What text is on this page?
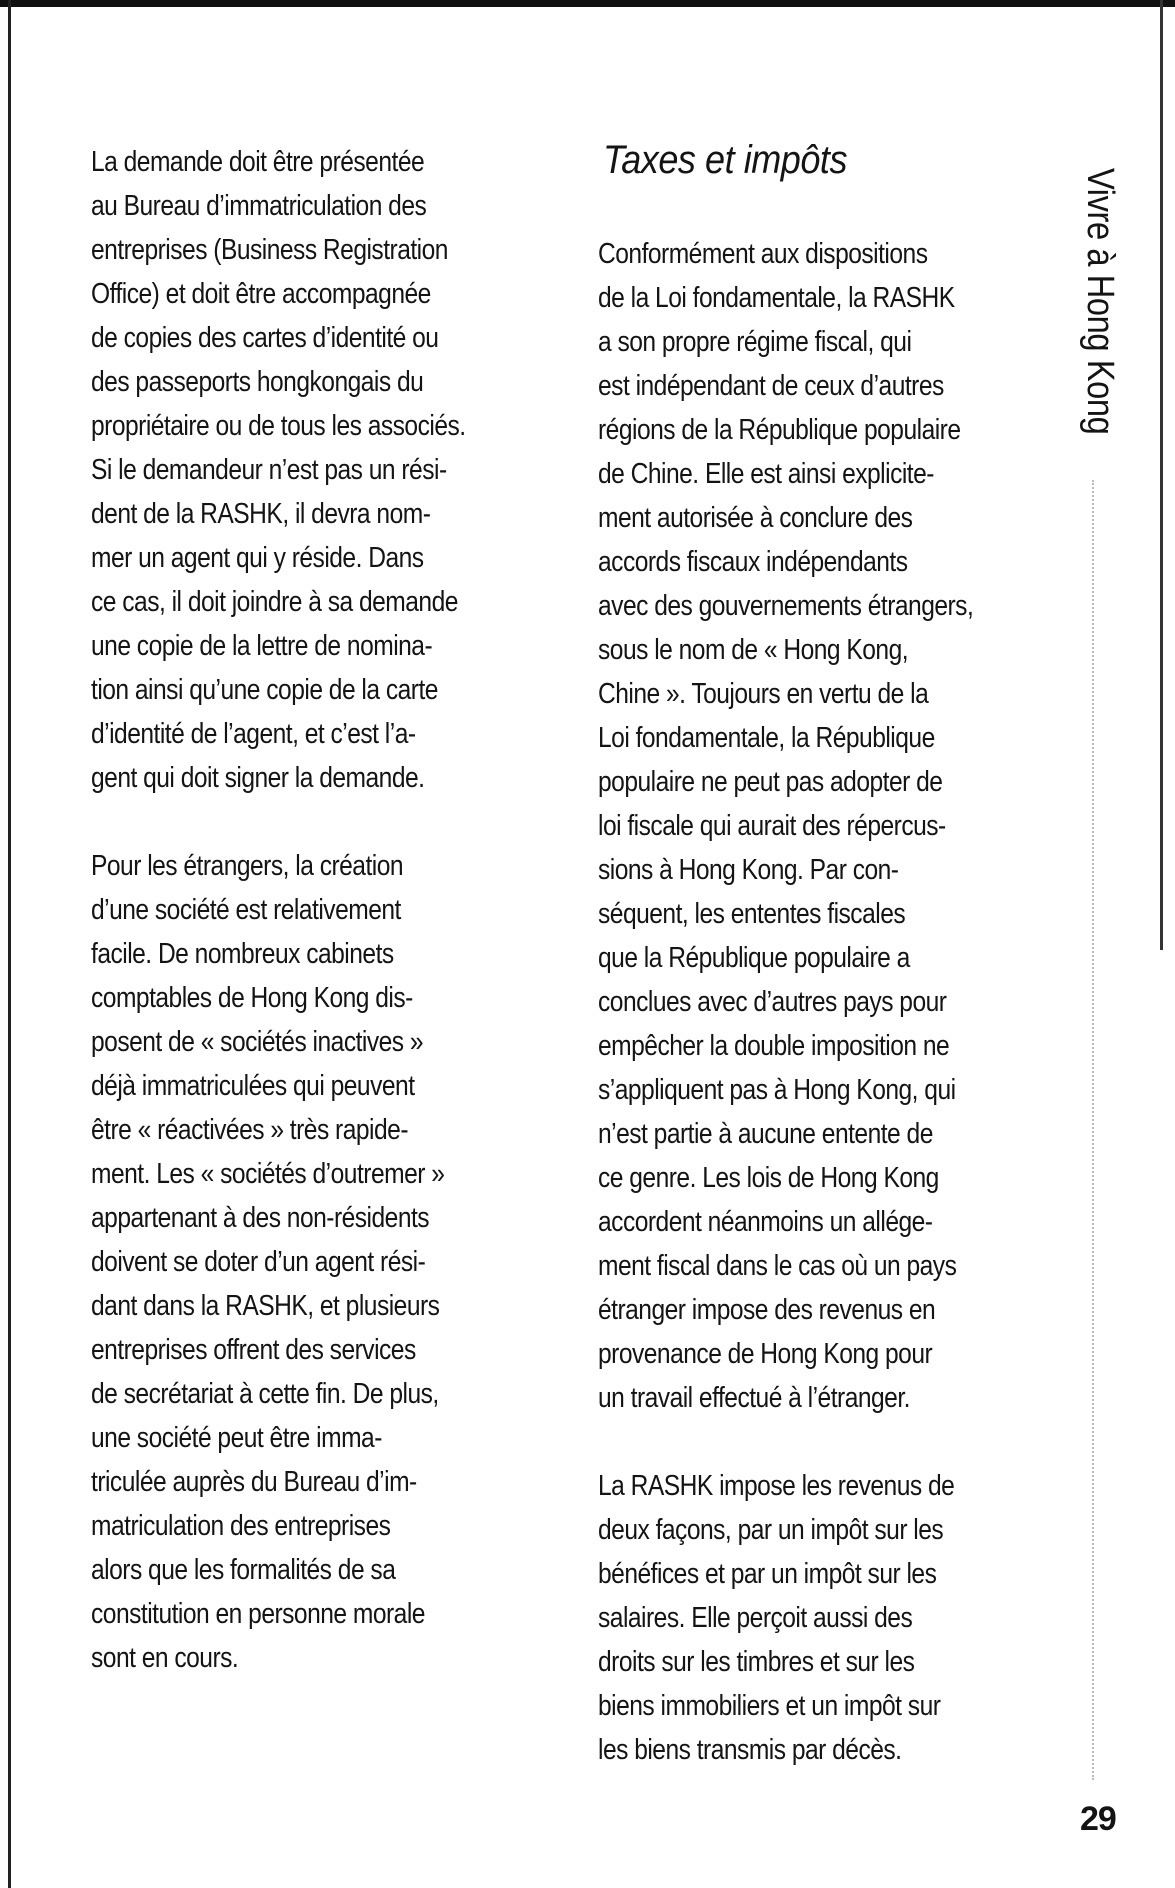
La demande doit être présentée
au Bureau d’immatriculation des
entreprises (Business Registration
Office) et doit être accompagnée
de copies des cartes d’identité ou
des passeports hongkongais du
propriétaire ou de tous les associés.
Si le demandeur n’est pas un rési-
dent de la RASHK, il devra nom-
mer un agent qui y réside. Dans
ce cas, il doit joindre à sa demande
une copie de la lettre de nomina-
tion ainsi qu’une copie de la carte
d’identité de l’agent, et c’est l’a-
gent qui doit signer la demande.

Pour les étrangers, la création
d’une société est relativement
facile. De nombreux cabinets
comptables de Hong Kong dis-
posent de « sociétés inactives »
déjà immatriculées qui peuvent
être « réactivées » très rapide-
ment. Les « sociétés d’outremer »
appartenant à des non-résidents
doivent se doter d’un agent rési-
dant dans la RASHK, et plusieurs
entreprises offrent des services
de secrétariat à cette fin. De plus,
une société peut être imma-
triculée auprès du Bureau d’im-
matriculation des entreprises
alors que les formalités de sa
constitution en personne morale
sont en cours.

Taxes et impôts

Conformément aux dispositions
de la Loi fondamentale, la RASHK
a son propre régime fiscal, qui
est indépendant de ceux d’autres
régions de la République populaire
de Chine. Elle est ainsi explicite-
ment autorisée à conclure des
accords fiscaux indépendants
avec des gouvernements étrangers,
sous le nom de « Hong Kong,
Chine ». Toujours en vertu de la
Loi fondamentale, la République
populaire ne peut pas adopter de
loi fiscale qui aurait des répercus-
sions à Hong Kong. Par con-
séquent, les ententes fiscales
que la République populaire a
conclues avec d’autres pays pour
empêcher la double imposition ne
s’appliquent pas à Hong Kong, qui
n’est partie à aucune entente de
ce genre. Les lois de Hong Kong
accordent néanmoins un allége-
ment fiscal dans le cas où un pays
étranger impose des revenus en
provenance de Hong Kong pour
un travail effectué à l’étranger.

La RASHK impose les revenus de
deux façons, par un impôt sur les
bénéfices et par un impôt sur les
salaires. Elle perçoit aussi des
droits sur les timbres et sur les
biens immobiliers et un impôt sur
les biens transmis par décès.

Vivre à Hong Kong
29
